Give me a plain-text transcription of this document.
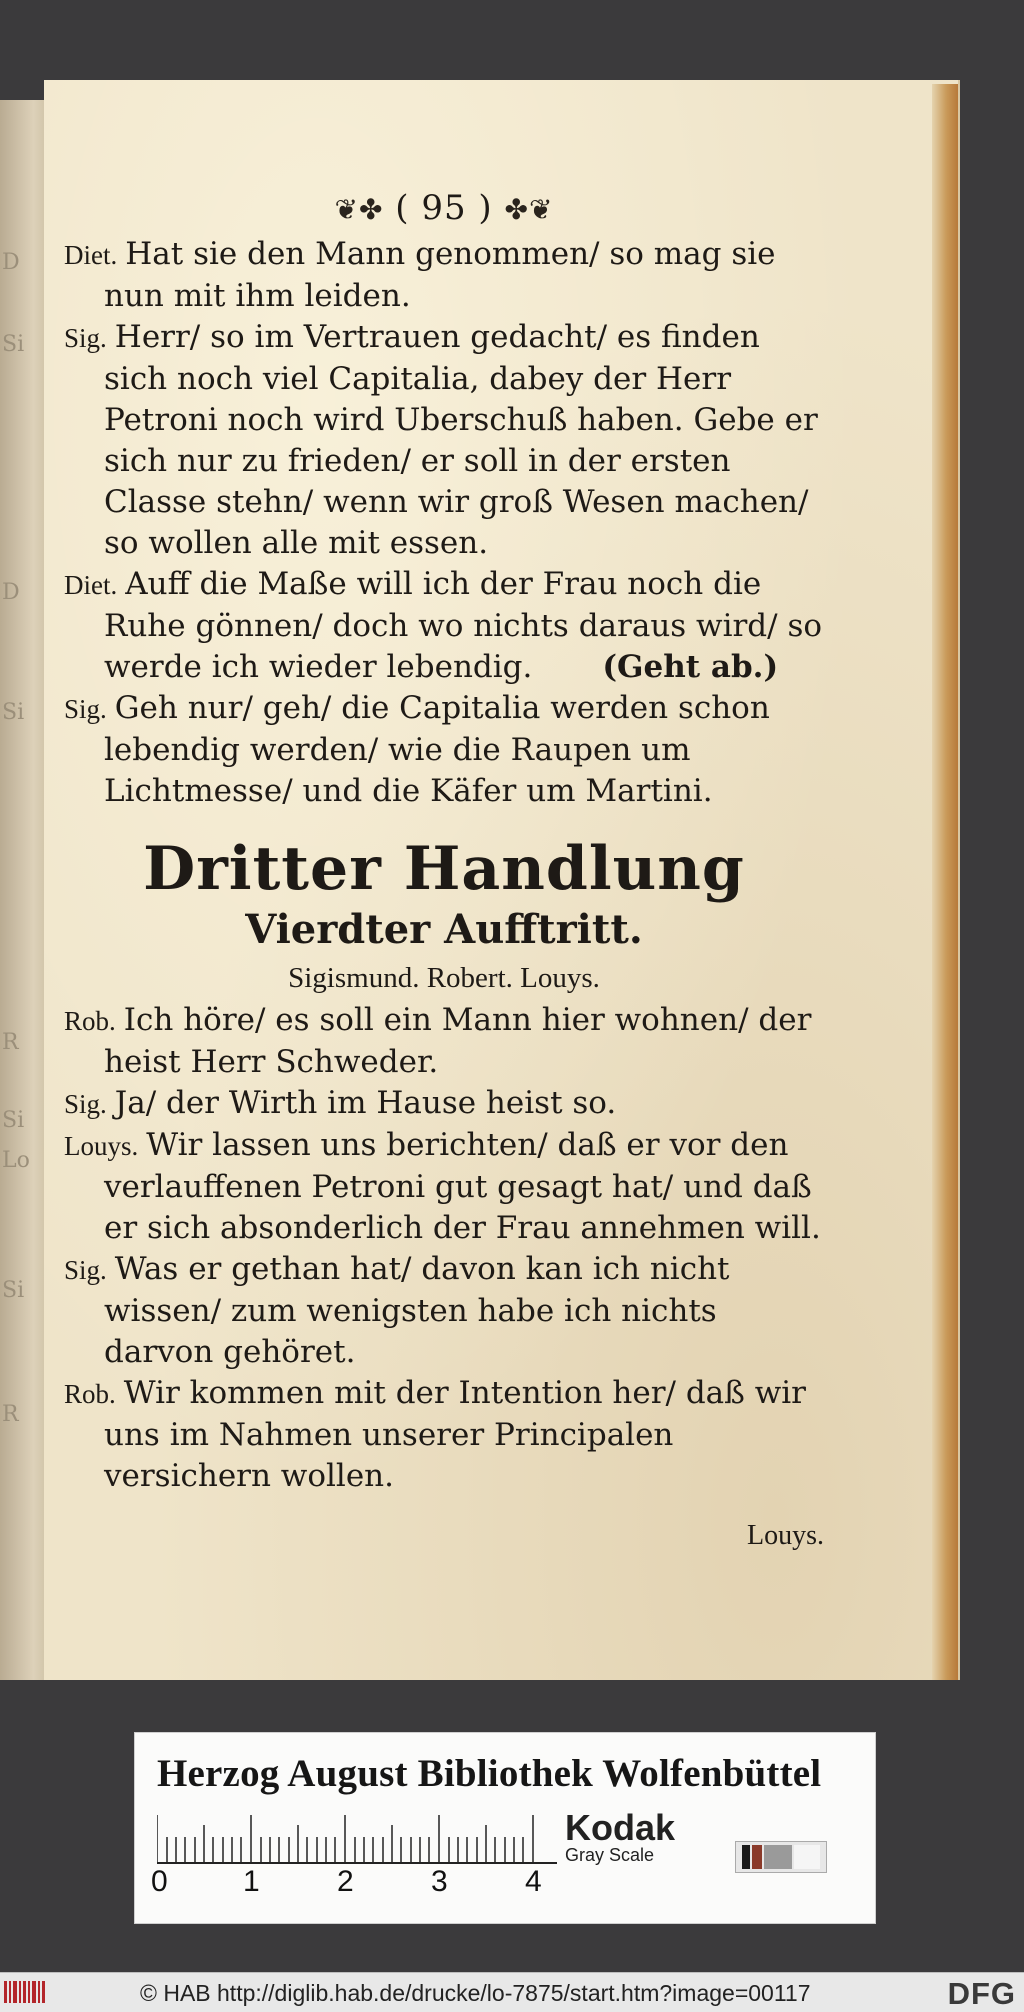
D
Si
D
Si
R
Si
Lo
Si
R
❦✤ ( 95 ) ✤❦
Diet. Hat sie den Mann genommen/ so mag sie nun mit ihm leiden.
Sig. Herr/ so im Vertrauen gedacht/ es finden sich noch viel Capitalia, dabey der Herr Petroni noch wird Uberschuß haben. Gebe er sich nur zu frieden/ er soll in der ersten Classe stehn/ wenn wir groß Wesen machen/ so wollen alle mit essen.
Diet. Auff die Maße will ich der Frau noch die Ruhe gönnen/ doch wo nichts daraus wird/ so werde ich wieder lebendig. (Geht ab.)
Sig. Geh nur/ geh/ die Capitalia werden schon lebendig werden/ wie die Raupen um Lichtmesse/ und die Käfer um Martini.
Dritter Handlung
Vierdter Aufftritt.
Sigismund. Robert. Louys.
Rob. Ich höre/ es soll ein Mann hier wohnen/ der heist Herr Schweder.
Sig. Ja/ der Wirth im Hause heist so.
Louys. Wir lassen uns berichten/ daß er vor den verlauffenen Petroni gut gesagt hat/ und daß er sich absonderlich der Frau annehmen will.
Sig. Was er gethan hat/ davon kan ich nicht wissen/ zum wenigsten habe ich nichts darvon gehöret.
Rob. Wir kommen mit der Intention her/ daß wir uns im Nahmen unserer Principalen versichern wollen.
Louys.
Herzog August Bibliothek Wolfenbüttel
0	1	2	3	4
Kodak
Gray Scale
© HAB http://diglib.hab.de/drucke/lo-7875/start.htm?image=00117	DFG
